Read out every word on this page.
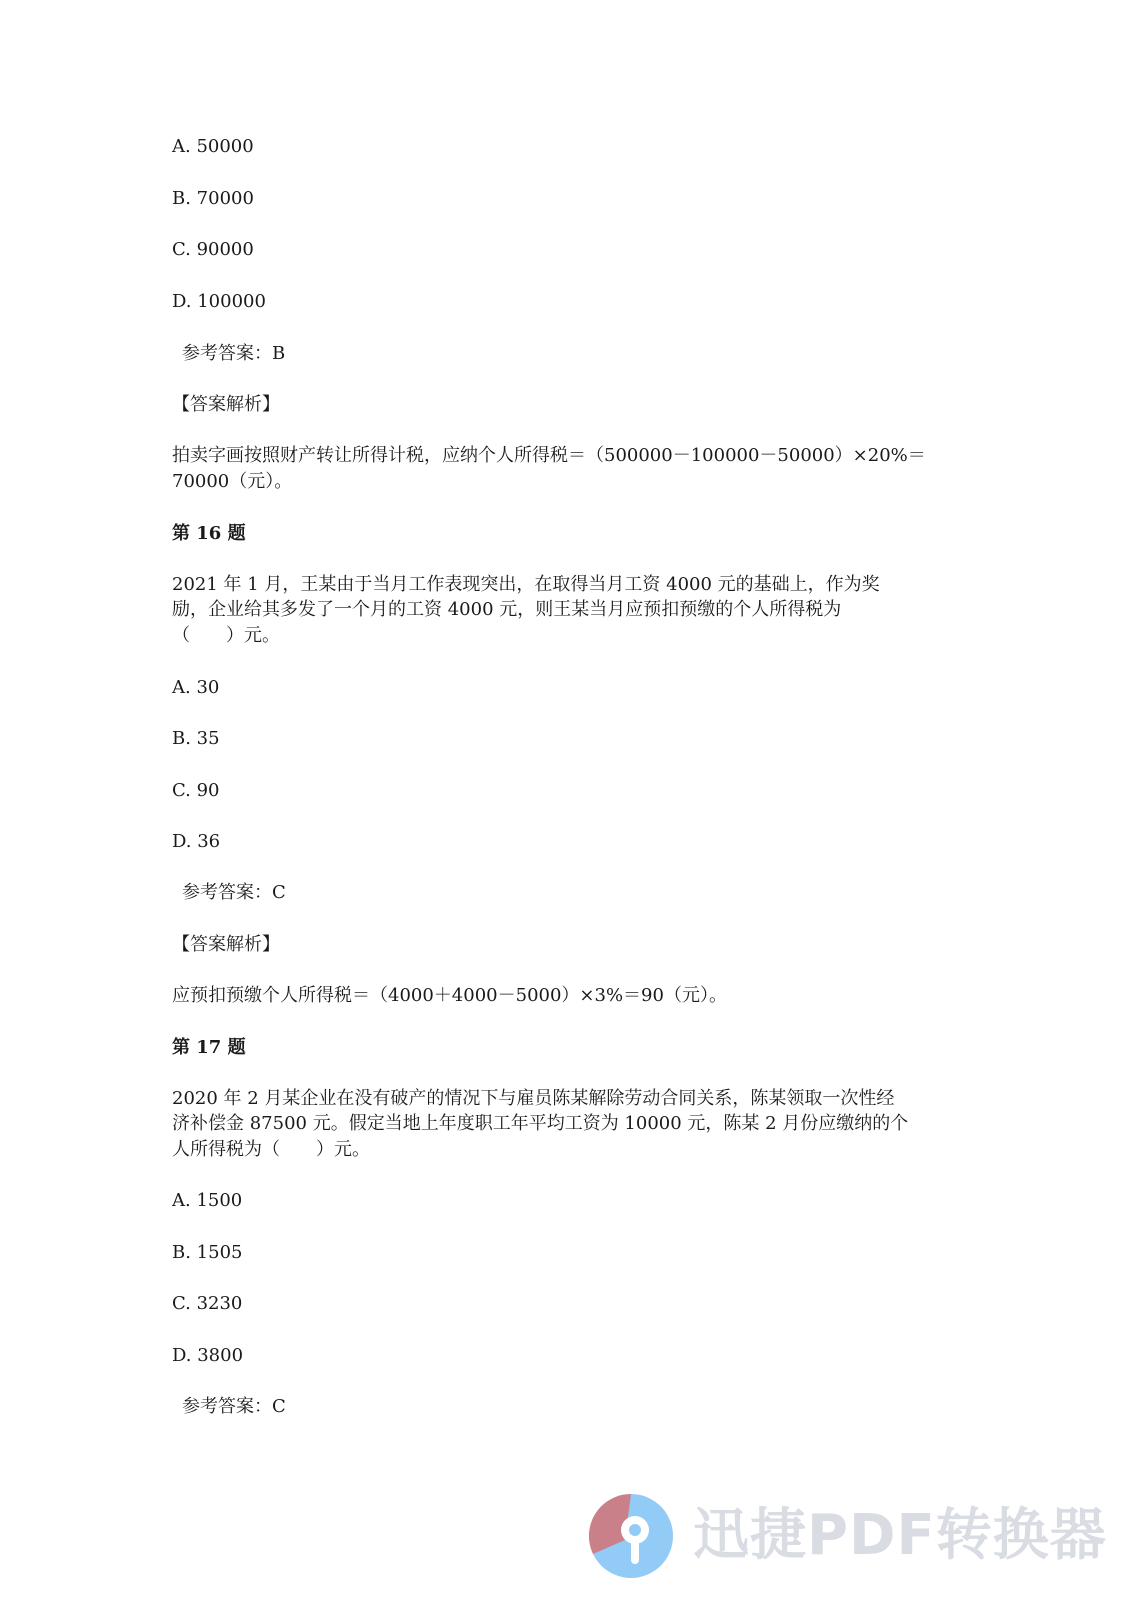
A. 50000
B. 70000
C. 90000
D. 100000
参考答案：B
【答案解析】
拍卖字画按照财产转让所得计税，应纳个人所得税＝（500000－100000－50000）×20%＝
70000（元）。
第 16 题
2021 年 1 月，王某由于当月工作表现突出，在取得当月工资 4000 元的基础上，作为奖
励，企业给其多发了一个月的工资 4000 元，则王某当月应预扣预缴的个人所得税为
（　　）元。
A. 30
B. 35
C. 90
D. 36
参考答案：C
【答案解析】
应预扣预缴个人所得税＝（4000＋4000－5000）×3%＝90（元）。
第 17 题
2020 年 2 月某企业在没有破产的情况下与雇员陈某解除劳动合同关系，陈某领取一次性经
济补偿金 87500 元。假定当地上年度职工年平均工资为 10000 元，陈某 2 月份应缴纳的个
人所得税为（　　）元。
A. 1500
B. 1505
C. 3230
D. 3800
参考答案：C
迅捷PDF转换器
